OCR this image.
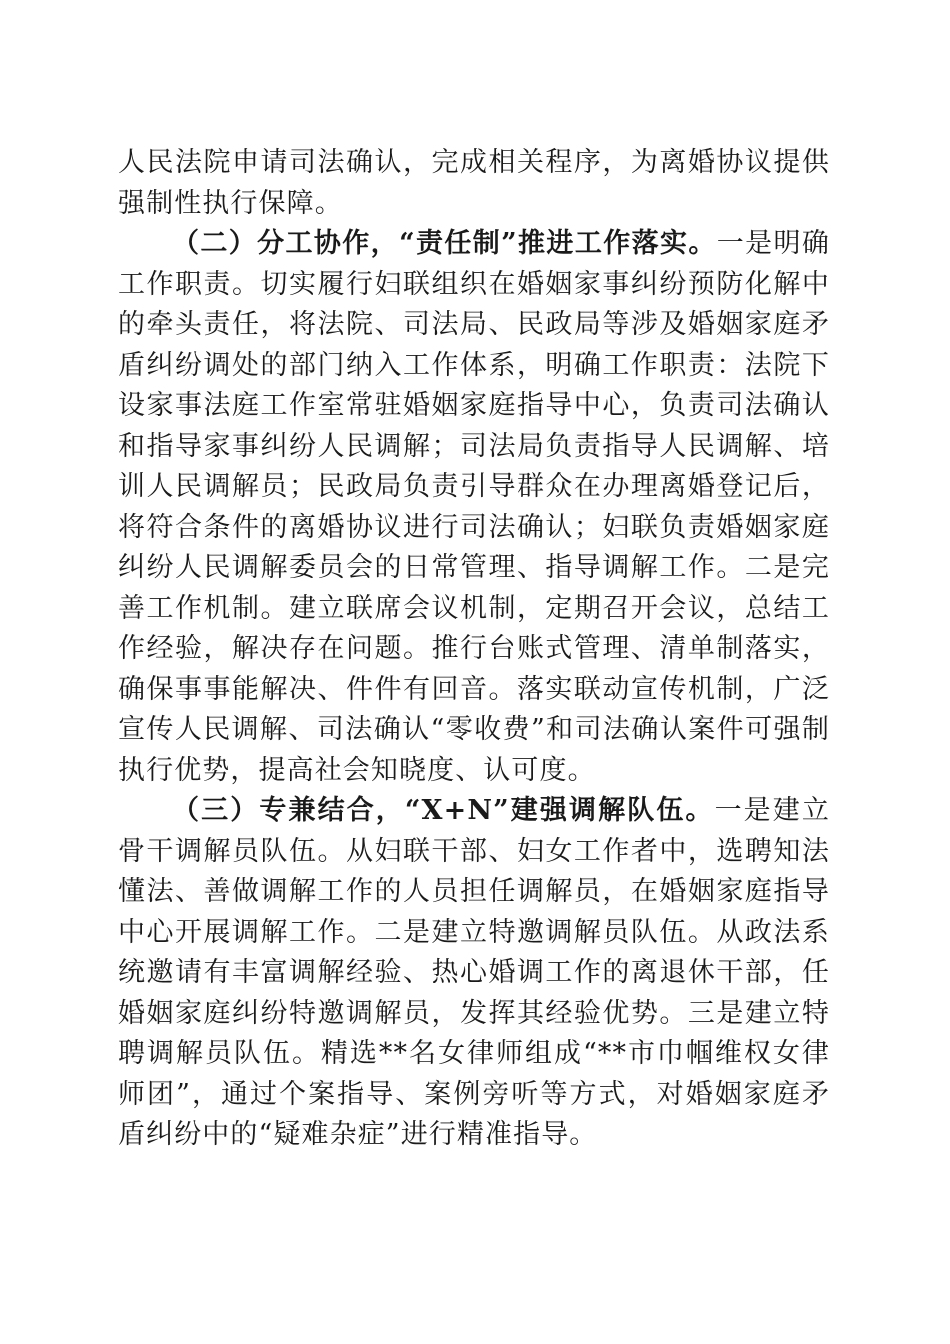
人民法院申请司法确认，完成相关程序，为离婚协议提供强制性执行保障。

（二）分工协作，“责任制”推进工作落实。一是明确工作职责。切实履行妇联组织在婚姻家事纠纷预防化解中的牵头责任，将法院、司法局、民政局等涉及婚姻家庭矛盾纠纷调处的部门纳入工作体系，明确工作职责：法院下设家事法庭工作室常驻婚姻家庭指导中心，负责司法确认和指导家事纠纷人民调解；司法局负责指导人民调解、培训人民调解员；民政局负责引导群众在办理离婚登记后，将符合条件的离婚协议进行司法确认；妇联负责婚姻家庭纠纷人民调解委员会的日常管理、指导调解工作。二是完善工作机制。建立联席会议机制，定期召开会议，总结工作经验，解决存在问题。推行台账式管理、清单制落实，确保事事能解决、件件有回音。落实联动宣传机制，广泛宣传人民调解、司法确认“零收费”和司法确认案件可强制执行优势，提高社会知晓度、认可度。

（三）专兼结合，“X+N”建强调解队伍。一是建立骨干调解员队伍。从妇联干部、妇女工作者中，选聘知法懂法、善做调解工作的人员担任调解员，在婚姻家庭指导中心开展调解工作。二是建立特邀调解员队伍。从政法系统邀请有丰富调解经验、热心婚调工作的离退休干部，任婚姻家庭纠纷特邀调解员，发挥其经验优势。三是建立特聘调解员队伍。精选**名女律师组成“**市巾帼维权女律师团”，通过个案指导、案例旁听等方式，对婚姻家庭矛盾纠纷中的“疑难杂症”进行精准指导。
